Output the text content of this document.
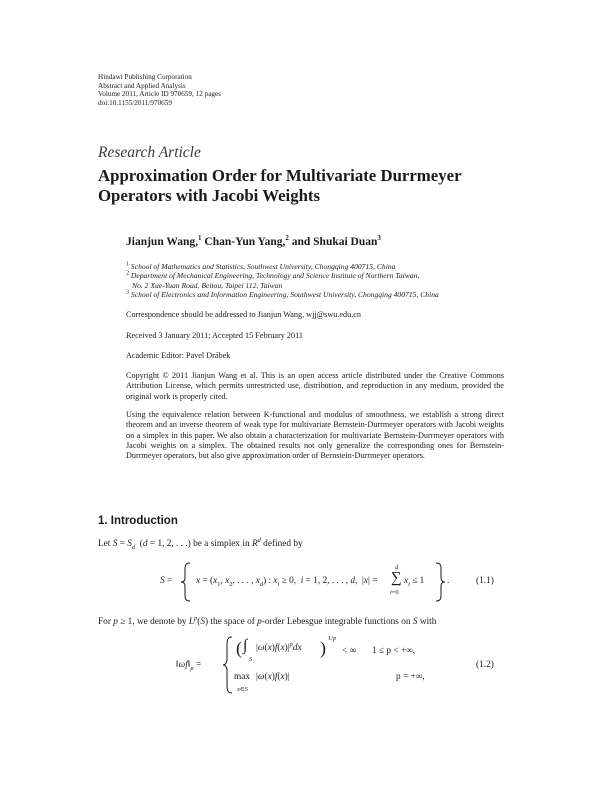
Hindawi Publishing Corporation
Abstract and Applied Analysis
Volume 2011, Article ID 970659, 12 pages
doi:10.1155/2011/970659
Research Article
Approximation Order for Multivariate Durrmeyer
Operators with Jacobi Weights
Jianjun Wang,$^1$ Chan-Yun Yang,$^2$ and Shukai Duan$^3$
$^1$ School of Mathematics and Statistics, Southwest University, Chongqing 400715, China
$^2$ Department of Mechanical Engineering, Technology and Science Institute of Northern Taiwan,
No. 2 Xue-Yuan Road, Beitou, Taipei 112, Taiwan
$^3$ School of Electronics and Information Engineering, Southwest University, Chongqing 400715, China
Correspondence should be addressed to Jianjun Wang, wjj@swu.edu.cn
Received 3 January 2011; Accepted 15 February 2011
Academic Editor: Pavel Drábek
Copyright © 2011 Jianjun Wang et al. This is an open access article distributed under the Creative Commons Attribution License, which permits unrestricted use, distribution, and reproduction in any medium, provided the original work is properly cited.
Using the equivalence relation between K-functional and modulus of smoothness, we establish a strong direct theorem and an inverse theorem of weak type for multivariate Bernstein-Durrmeyer operators with Jacobi weights on a simplex in this paper. We also obtain a characterization for multivariate Bernstein-Durrmeyer operators with Jacobi weights on a simplex. The obtained results not only generalize the corresponding ones for Bernstein-Durrmeyer operators, but also give approximation order of Bernstein-Durrmeyer operators.
1. Introduction
Let $S = S_d$  (d = 1, 2, . . .) be a simplex in $R^d$ defined by
S =	$x = (x_1$, $x_2$, . . . , $x_d$) : $x_i \ge 0$,  i = 1, 2, . . . , d,  |x| =
d
∑
i=0
$x_i \le 1$ .	(1.1)
For p ≥ 1, we denote by $L^p(S)$ the space of p-order Lebesgue integrable functions on S with
$‖\omega f‖_p$ =
( ∫
S
$|\omega(x)f(x)|^pdx$ ) 1/p
< ∞ 1 ≤ p < +∞,
max
x∈S
|ω(x)f(x)|	p = +∞,
(1.2)
